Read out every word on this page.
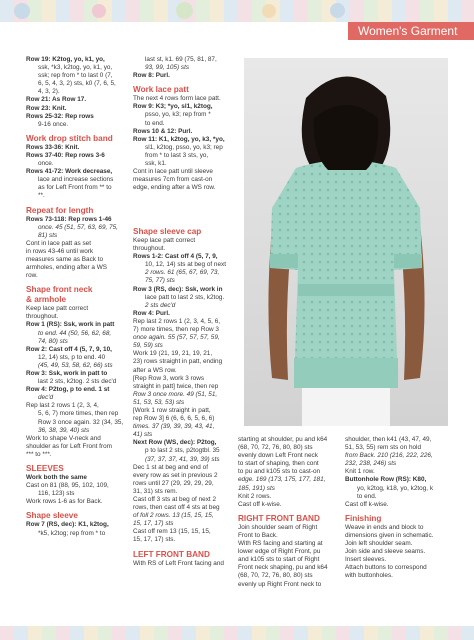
Women's Garment

Row 19: K2tog, yo, k1, yo,

ssk, *k3, k2tog, yo, k1, yo,

ssk; rep from * to last 0 (7,

6, 5, 4, 3, 2) sts, k0 (7, 6, 5,

4, 3, 2).

Row 21: As Row 17.

Row 23: Knit.

Rows 25-32: Rep rows

9-16 once.

Work drop stitch band

Rows 33-36: Knit.

Rows 37-40: Rep rows 3-6

once.

Rows 41-72: Work decrease,

lace and increase sections

as for Left Front from ** to

**.

Repeat for length

Rows 73-118: Rep rows 1-46

once. 45 (51, 57, 63, 69, 75,

81) sts

Cont in lace patt as set

in rows 43-46 until work

measures same as Back to

armholes, ending after a WS

row.

Shape front neck

& armhole

Keep lace patt correct

throughout.

Row 1 (RS): Ssk, work in patt

to end. 44 (50, 56, 62, 68,

74, 80) sts

Row 2: Cast off 4 (5, 7, 9, 10,

12, 14) sts, p to end. 40

(45, 49, 53, 58, 62, 66) sts

Row 3: Ssk, work in patt to

last 2 sts, k2tog. 2 sts dec'd

Row 4: P2tog, p to end. 1 st

dec'd

Rep last 2 rows 1 (2, 3, 4,

5, 6, 7) more times, then rep

Row 3 once again. 32 (34, 35,

36, 38, 39, 40) sts

Work to shape V-neck and

shoulder as for Left Front from

*** to ***.

SLEEVES

Work both the same

Cast on 81 (88, 95, 102, 109,

116, 123) sts

Work rows 1-6 as for Back.

Shape sleeve

Row 7 (RS, dec): K1, k2tog,

*k5, k2tog; rep from * to

last st, k1. 69 (75, 81, 87,

93, 99, 105) sts

Row 8: Purl.

Work lace patt

The next 4 rows form lace patt.

Row 9: K3; *yo, sl1, k2tog,

psso, yo, k3; rep from *

to end.

Rows 10 & 12: Purl.

Row 11: K1, k2tog, yo, k3, *yo,

sl1, k2tog, psso, yo, k3; rep

from * to last 3 sts, yo,

ssk, k1.

Cont in lace patt until sleeve

measures 7cm from cast-on

edge, ending after a WS row.

Shape sleeve cap

Keep lace patt correct

throughout.

Rows 1-2: Cast off 4 (5, 7, 9,

10, 12, 14) sts at beg of next

2 rows. 61 (65, 67, 69, 73,

75, 77) sts

Row 3 (RS, dec): Ssk, work in

lace patt to last 2 sts, k2tog.

2 sts dec'd

Row 4: Purl.

Rep last 2 rows 1 (2, 3, 4, 5, 6,

7) more times, then rep Row 3

once again. 55 (57, 57, 57, 59,

59, 59) sts

Work 19 (21, 19, 21, 19, 21,

23) rows straight in patt, ending

after a WS row.

[Rep Row 3, work 3 rows

straight in patt] twice, then rep

Row 3 once more. 49 (51, 51,

51, 53, 53, 53) sts

[Work 1 row straight in patt,

rep Row 3] 6 (6, 6, 6, 5, 6, 6)

times. 37 (39, 39, 39, 43, 41,

41) sts

Next Row (WS, dec): P2tog,

p to last 2 sts, p2togtbl. 35

(37, 37, 37, 41, 39, 39) sts

Dec 1 st at beg and end of

every row as set in previous 2

rows until 27 (29, 29, 29, 29,

31, 31) sts rem.

Cast off 3 sts at beg of next 2

rows, then cast off 4 sts at beg

of foll 2 rows. 13 (15, 15, 15,

15, 17, 17) sts

Cast off rem 13 (15, 15, 15,

15, 17, 17) sts.

LEFT FRONT BAND

With RS of Left Front facing and

starting at shoulder, pu and k64

(68, 70, 72, 76, 80, 80) sts

evenly down Left Front neck

to start of shaping, then cont

to pu and k105 sts to cast-on

edge. 169 (173, 175, 177, 181,

185, 191) sts

Knit 2 rows.

Cast off k-wise.

RIGHT FRONT BAND

Join shoulder seam of Right

Front to Back.

With RS facing and starting at

lower edge of Right Front, pu

and k105 sts to start of Right

Front neck shaping, pu and k64

(68, 70, 72, 76, 80, 80) sts

evenly up Right Front neck to

shoulder, then k41 (43, 47, 49,

51, 53, 55) rem sts on hold

from Back. 210 (216, 222, 226,

232, 238, 246) sts

Knit 1 row.

Buttonhole Row (RS): K80,

yo, k2tog, k18, yo, k2tog, k

to end.

Cast off k-wise.

Finishing

Weave in ends and block to

dimensions given in schematic.

Join left shoulder seam.

Join side and sleeve seams.

Insert sleeves.

Attach buttons to correspond

with buttonholes.
